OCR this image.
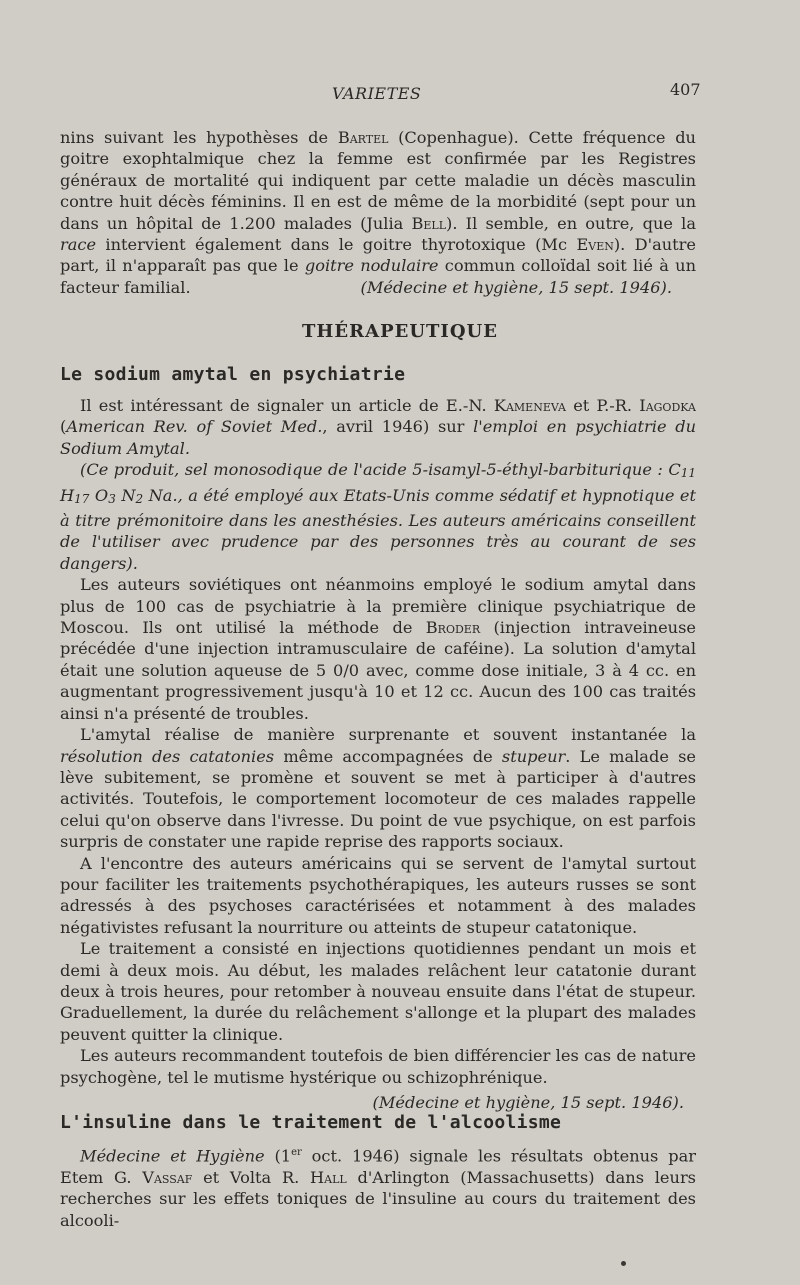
VARIETES	407

nins suivant les hypothèses de Bartel (Copenhague). Cette fréquence du goitre exophtalmique chez la femme est confirmée par les Registres généraux de mortalité qui indiquent par cette maladie un décès masculin contre huit décès féminins. Il en est de même de la morbidité (sept pour un dans un hôpital de 1.200 malades (Julia Bell). Il semble, en outre, que la race intervient également dans le goitre thyrotoxique (Mc Even). D'autre part, il n'apparaît pas que le goitre nodulaire commun colloïdal soit lié à un facteur familial.	(Médecine et hygiène, 15 sept. 1946).

THÉRAPEUTIQUE
Le sodium amytal en psychiatrie

Il est intéressant de signaler un article de E.-N. Kameneva et P.-R. Iagodka (American Rev. of Soviet Med., avril 1946) sur l'emploi en psychiatrie du Sodium Amytal.

(Ce produit, sel monosodique de l'acide 5-isamyl-5-éthyl-barbiturique : C11 H17 O3 N2 Na., a été employé aux Etats-Unis comme sédatif et hypnotique et à titre prémonitoire dans les anesthésies. Les auteurs américains conseillent de l'utiliser avec prudence par des personnes très au courant de ses dangers).

Les auteurs soviétiques ont néanmoins employé le sodium amytal dans plus de 100 cas de psychiatrie à la première clinique psychiatrique de Moscou. Ils ont utilisé la méthode de Broder (injection intraveineuse précédée d'une injection intramusculaire de caféine). La solution d'amytal était une solution aqueuse de 5 0/0 avec, comme dose initiale, 3 à 4 cc. en augmentant progressivement jusqu'à 10 et 12 cc. Aucun des 100 cas traités ainsi n'a présenté de troubles.

L'amytal réalise de manière surprenante et souvent instantanée la résolution des catatonies même accompagnées de stupeur. Le malade se lève subitement, se promène et souvent se met à participer à d'autres activités. Toutefois, le comportement locomoteur de ces malades rappelle celui qu'on observe dans l'ivresse. Du point de vue psychique, on est parfois surpris de constater une rapide reprise des rapports sociaux.

A l'encontre des auteurs américains qui se servent de l'amytal surtout pour faciliter les traitements psychothérapiques, les auteurs russes se sont adressés à des psychoses caractérisées et notamment à des malades négativistes refusant la nourriture ou atteints de stupeur catatonique.

Le traitement a consisté en injections quotidiennes pendant un mois et demi à deux mois. Au début, les malades relâchent leur catatonie durant deux à trois heures, pour retomber à nouveau ensuite dans l'état de stupeur. Graduellement, la durée du relâchement s'allonge et la plupart des malades peuvent quitter la clinique.

Les auteurs recommandent toutefois de bien différencier les cas de nature psychogène, tel le mutisme hystérique ou schizophrénique.

(Médecine et hygiène, 15 sept. 1946).

L'insuline dans le traitement de l'alcoolisme

Médecine et Hygiène (1er oct. 1946) signale les résultats obtenus par Etem G. Vassaf et Volta R. Hall d'Arlington (Massachusetts) dans leurs recherches sur les effets toniques de l'insuline au cours du traitement des alcooli-
